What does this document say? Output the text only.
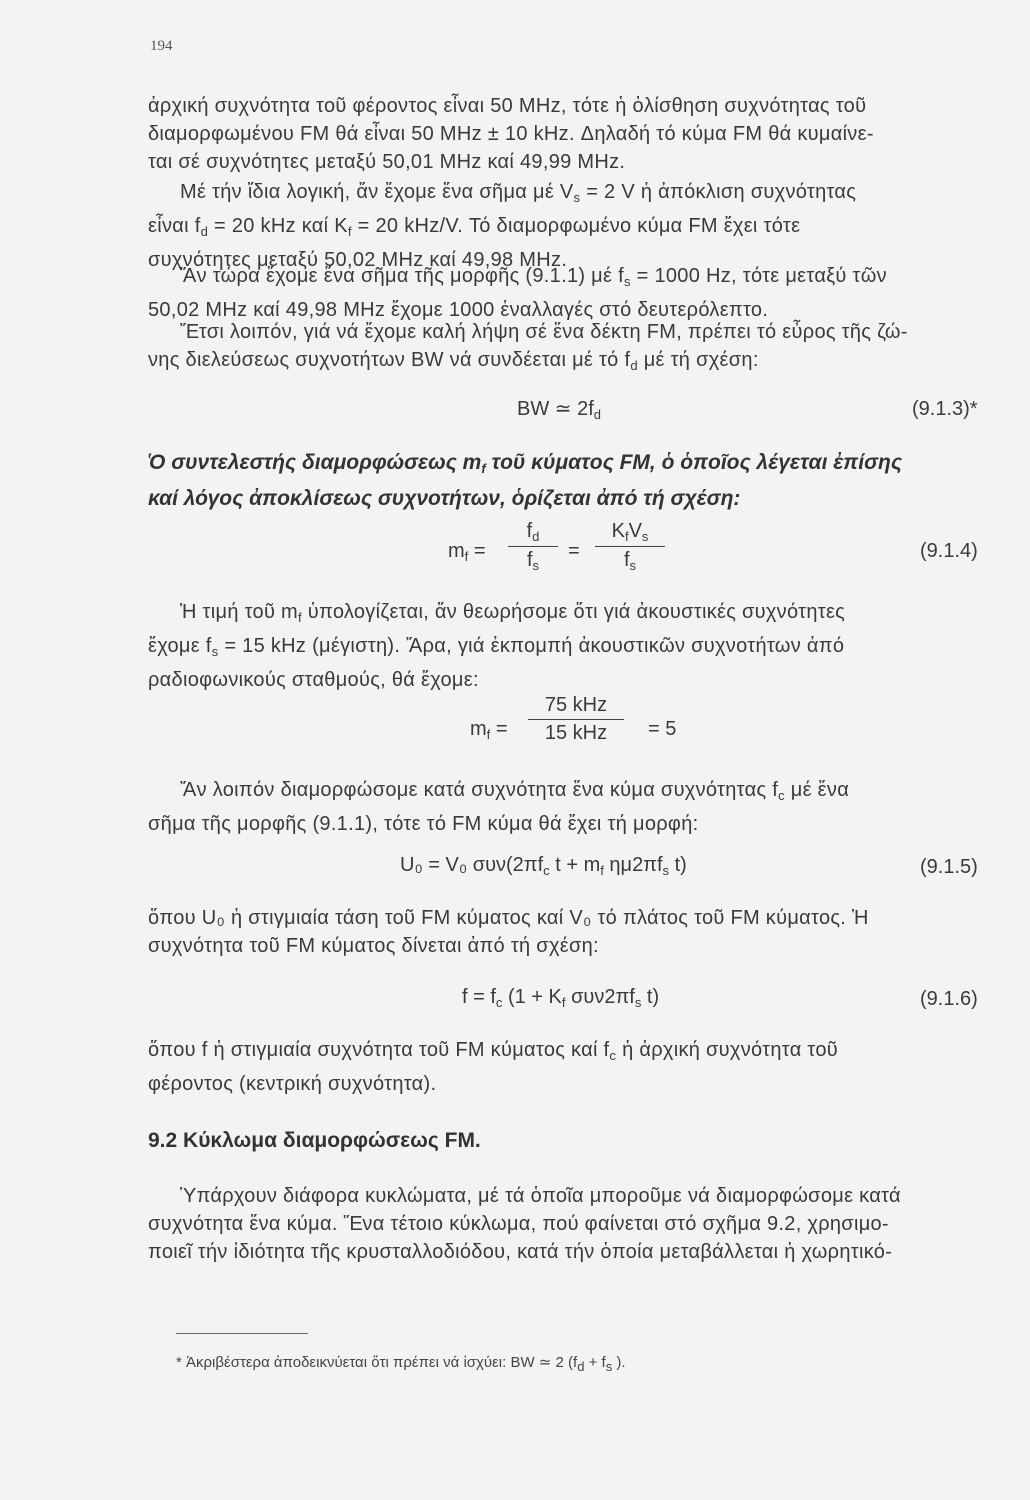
194
ἀρχική συχνότητα τοῦ φέροντος εἶναι 50 MHz, τότε ἡ ὀλίσθηση συχνότητας τοῦ
διαμορφωμένου FM θά εἶναι 50 MHz ± 10 kHz. Δηλαδή τό κύμα FM θά κυμαίνε-
ται σέ συχνότητες μεταξύ 50,01 MHz καί 49,99 MHz.
Μέ τήν ἴδια λογική, ἄν ἔχομε ἕνα σῆμα μέ $V_s = 2$ V ἡ ἀπόκλιση συχνότητας
εἶναι $f_d = 20$ kHz καί $K_f = 20$ kHz/V. Τό διαμορφωμένο κύμα FM ἔχει τότε
συχνότητες μεταξύ 50,02 MHz καί 49,98 MHz.
Ἄν τώρα ἔχομε ἕνα σῆμα τῆς μορφῆς (9.1.1) μέ $f_s = 1000$ Hz, τότε μεταξύ τῶν
50,02 MHz καί 49,98 MHz ἔχομε 1000 ἐναλλαγές στό δευτερόλεπτο.
Ἔτσι λοιπόν, γιά νά ἔχομε καλή λήψη σέ ἕνα δέκτη FM, πρέπει τό εὖρος τῆς ζώ-
νης διελεύσεως συχνοτήτων BW νά συνδέεται μέ τό $f_d$ μέ τή σχέση:
BW ≃ $2f_d$	(9.1.3)*
Ὁ συντελεστής διαμορφώσεως $m_f$ τοῦ κύματος FM, ὁ ὁποῖος λέγεται ἐπίσης
καί λόγος ἀποκλίσεως συχνοτήτων, ὁρίζεται ἀπό τή σχέση:
$m_f$ =
$f_d$
$f_s$
=
$K_fV_s$
$f_s$
(9.1.4)
Ἡ τιμή τοῦ $m_f$ ὑπολογίζεται, ἄν θεωρήσομε ὅτι γιά ἀκουστικές συχνότητες
ἔχομε $f_s = 15$ kHz (μέγιστη). Ἄρα, γιά ἐκπομπή ἀκουστικῶν συχνοτήτων ἀπό
ραδιοφωνικούς σταθμούς, θά ἔχομε:
$m_f$ =
75 kHz
15 kHz	= 5
Ἄν λοιπόν διαμορφώσομε κατά συχνότητα ἕνα κύμα συχνότητας $f_c$ μέ ἕνα
σῆμα τῆς μορφῆς (9.1.1), τότε τό FM κύμα θά ἔχει τή μορφή:
U₀ = V₀ $\sigma\upsilon\nu(2\pi f_c$ $t + m_f$ $\eta\mu 2\pi f_s$ t)	(9.1.5)
ὅπου U₀ ἡ στιγμιαία τάση τοῦ FM κύματος καί V₀ τό πλάτος τοῦ FM κύματος. Ἡ
συχνότητα τοῦ FM κύματος δίνεται ἀπό τή σχέση:
$f = f_c$ ($1 + K_f$ $\sigma\upsilon\nu 2\pi f_s$ t)	(9.1.6)
ὅπου f ἡ στιγμιαία συχνότητα τοῦ FM κύματος καί $f_c$ ἡ ἀρχική συχνότητα τοῦ
φέροντος (κεντρική συχνότητα).
9.2 Κύκλωμα διαμορφώσεως FM.
Ὑπάρχουν διάφορα κυκλώματα, μέ τά ὁποῖα μποροῦμε νά διαμορφώσομε κατά
συχνότητα ἕνα κύμα. Ἕνα τέτοιο κύκλωμα, πού φαίνεται στό σχῆμα 9.2, χρησιμο-
ποιεῖ τήν ἰδιότητα τῆς κρυσταλλοδιόδου, κατά τήν ὁποία μεταβάλλεται ἡ χωρητικό-
* Ἀκριβέστερα ἀποδεικνύεται ὅτι πρέπει νά ἰσχύει: BW ≃ 2 ($f_d + f_s$ ).
